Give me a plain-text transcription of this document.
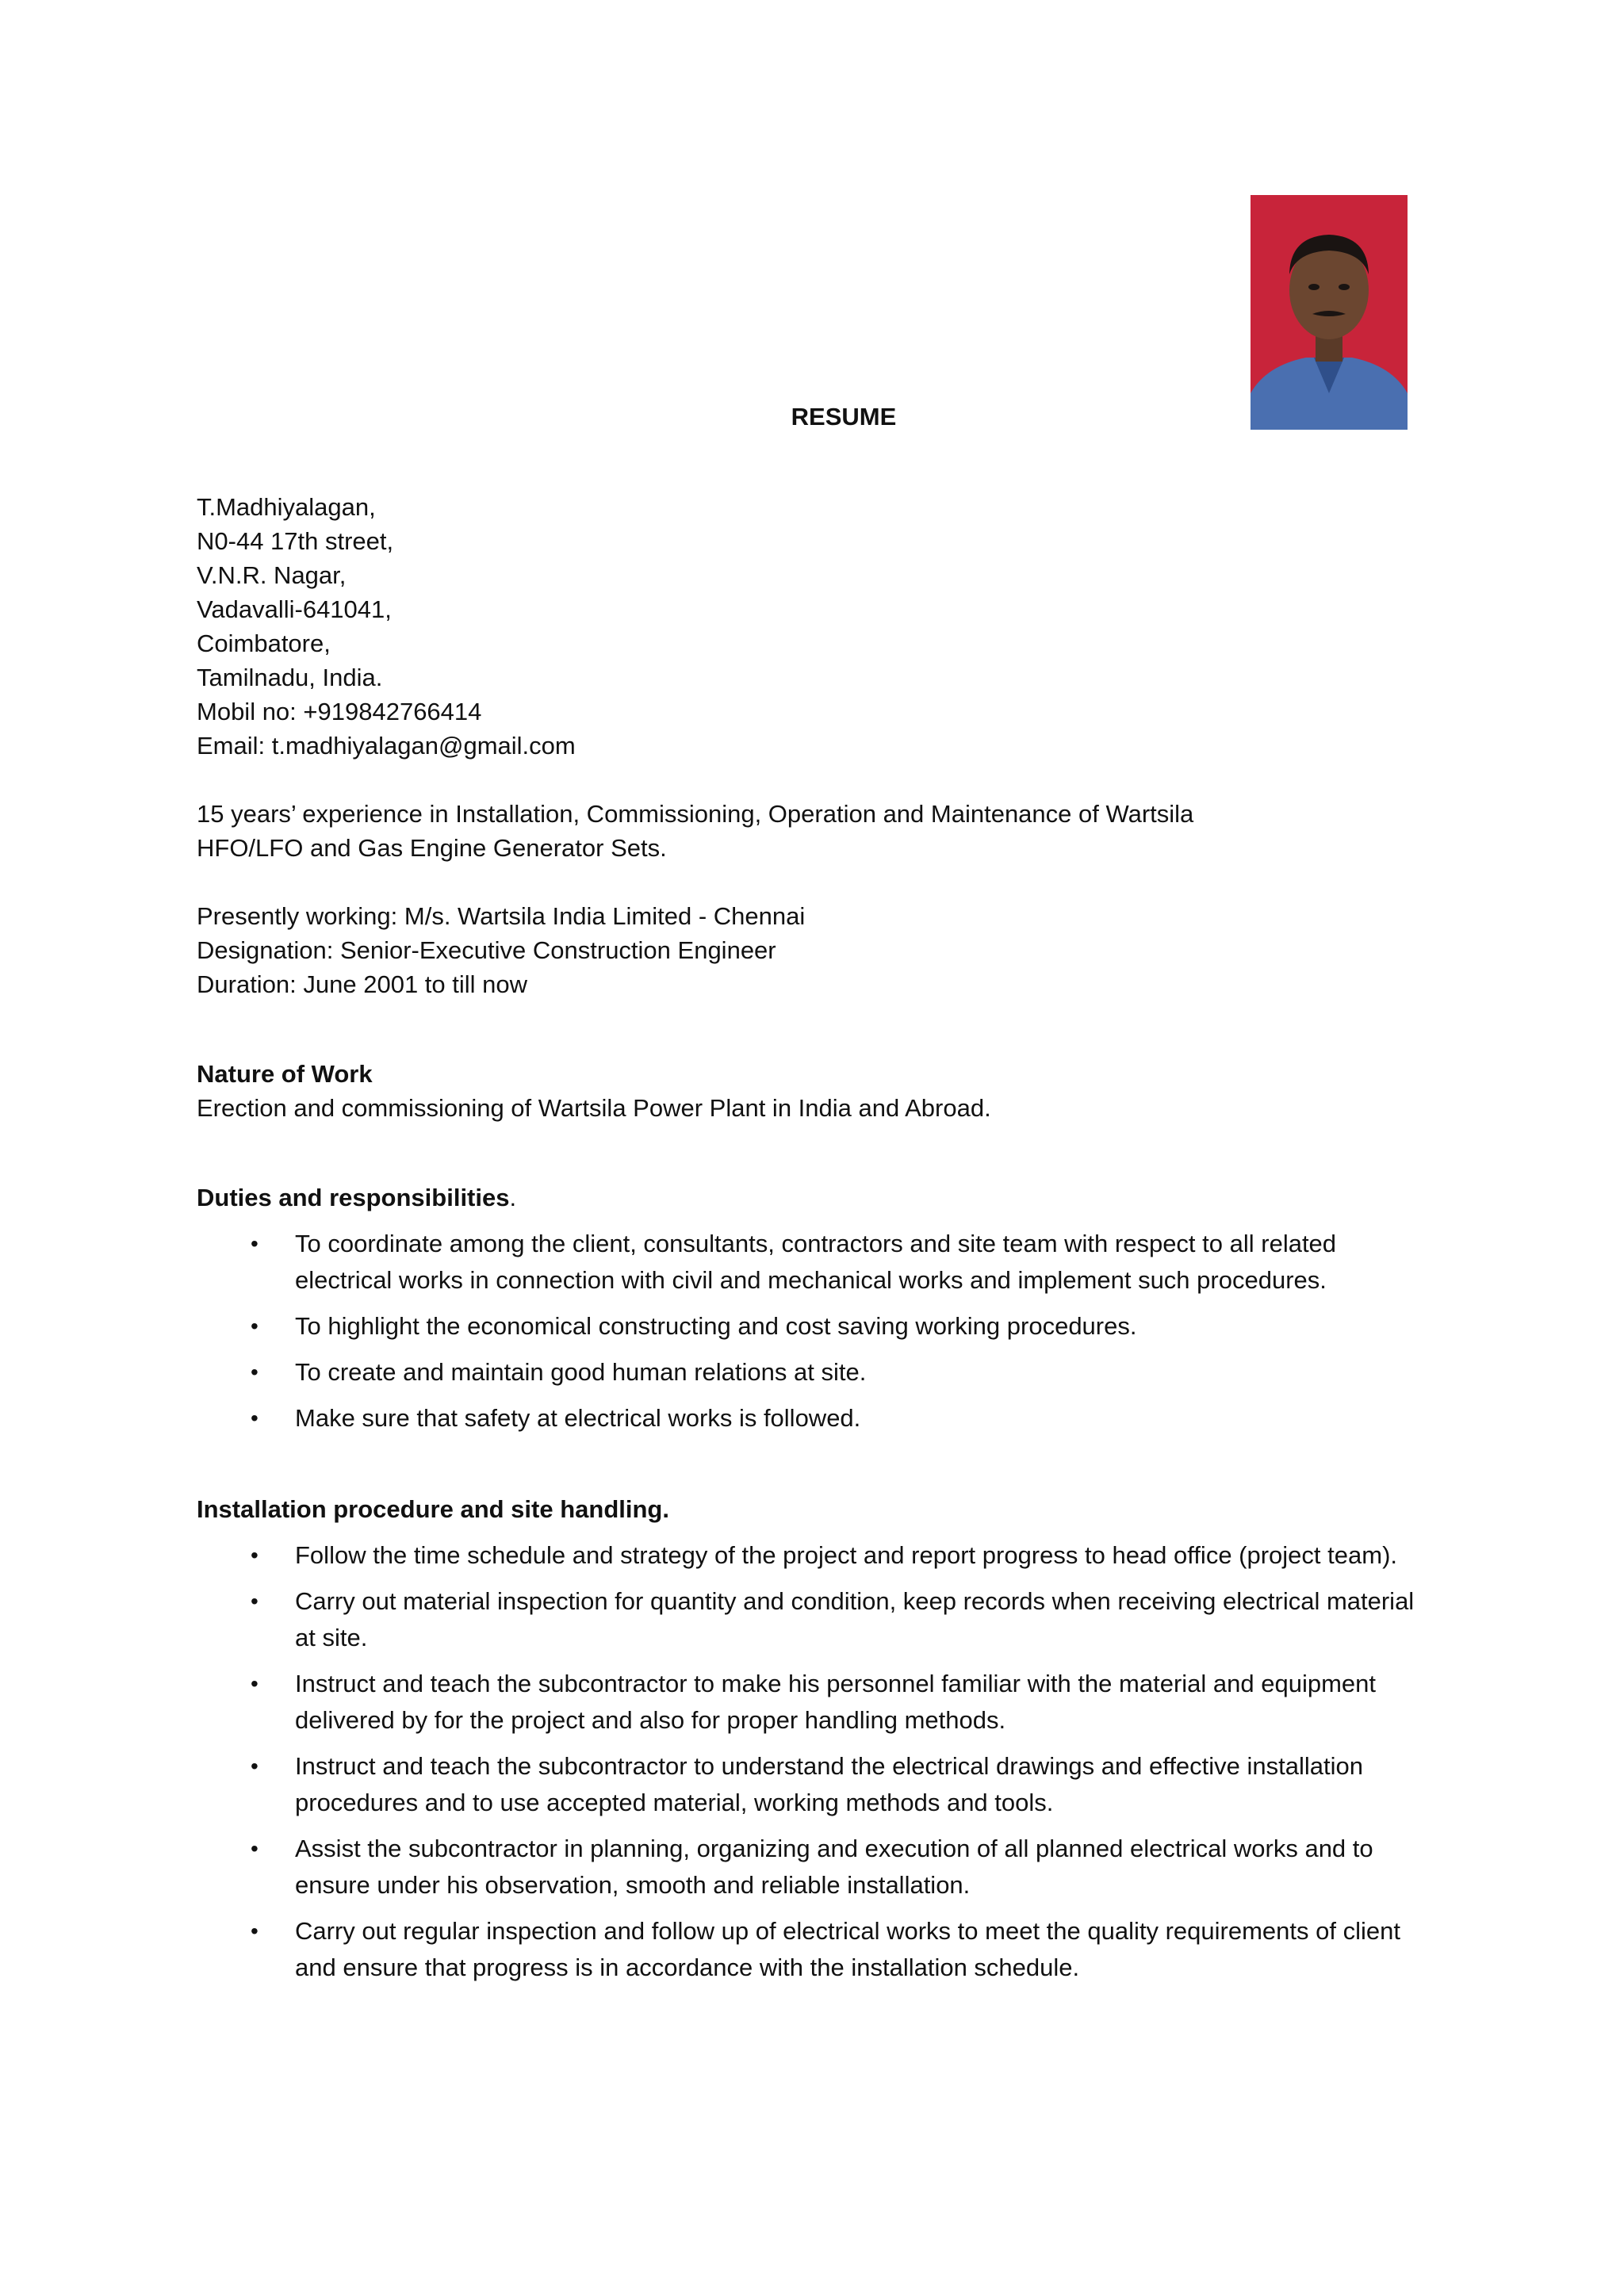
RESUME
T.Madhiyalagan,
N0-44 17th street,
V.N.R. Nagar,
Vadavalli-641041,
Coimbatore,
Tamilnadu, India.
Mobil no: +919842766414
Email: t.madhiyalagan@gmail.com
15 years’ experience in Installation, Commissioning, Operation and Maintenance of Wartsila
HFO/LFO and Gas Engine Generator Sets.
Presently working: M/s. Wartsila India Limited - Chennai
Designation: Senior-Executive Construction Engineer
Duration: June 2001 to till now
Nature of Work
Erection and commissioning of Wartsila Power Plant in India and Abroad.
Duties and responsibilities.
• To coordinate among the client, consultants, contractors and site team with respect to all related electrical works in connection with civil and mechanical works and implement such procedures.
• To highlight the economical constructing and cost saving working procedures.
• To create and maintain good human relations at site.
• Make sure that safety at electrical works is followed.
Installation procedure and site handling.
• Follow the time schedule and strategy of the project and report progress to head office (project team).
• Carry out material inspection for quantity and condition, keep records when receiving electrical material at site.
• Instruct and teach the subcontractor to make his personnel familiar with the material and equipment delivered by for the project and also for proper handling methods.
• Instruct and teach the subcontractor to understand the electrical drawings and effective installation procedures and to use accepted material, working methods and tools.
• Assist the subcontractor in planning, organizing and execution of all planned electrical works and to ensure under his observation, smooth and reliable installation.
• Carry out regular inspection and follow up of electrical works to meet the quality requirements of client and ensure that progress is in accordance with the installation schedule.
